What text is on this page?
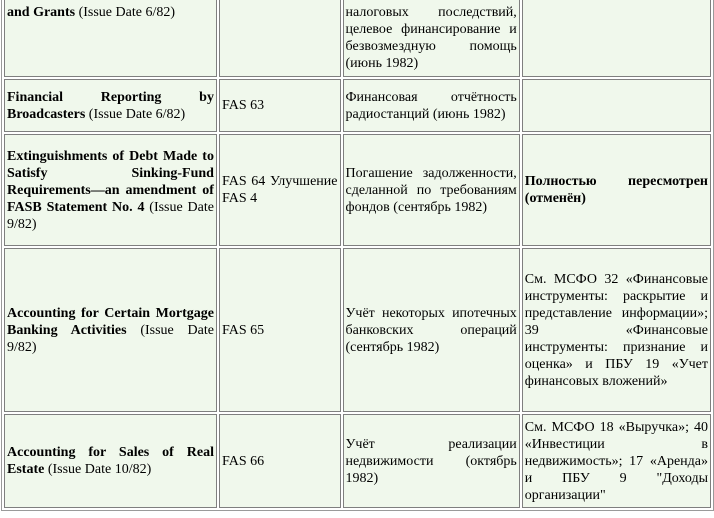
and Grants (Issue Date 6/82)		налоговых последствий, целевое финансирование и безвозмездную помощь (июнь 1982)	
Financial Reporting by Broadcasters (Issue Date 6/82)	FAS 63	Финансовая отчётность радиостанций (июнь 1982)	
Extinguishments of Debt Made to Satisfy Sinking-Fund Requirements—an amendment of FASB Statement No. 4 (Issue Date 9/82)	FAS 64 Улучшение FAS 4	Погашение задолженности, сделанной по требованиям фондов (сентябрь 1982)	Полностью пересмотрен (отменён)
Accounting for Certain Mortgage Banking Activities (Issue Date 9/82)	FAS 65	Учёт некоторых ипотечных банковских операций (сентябрь 1982)	См. МСФО 32 «Финансовые инструменты: раскрытие и представление информации»; 39 «Финансовые инструменты: признание и оценка» и ПБУ 19 «Учет финансовых вложений»
Accounting for Sales of Real Estate (Issue Date 10/82)	FAS 66	Учёт реализации недвижимости (октябрь 1982)	См. МСФО 18 «Выручка»; 40 «Инвестиции в недвижимость»; 17 «Аренда» и ПБУ 9 "Доходы организации"
